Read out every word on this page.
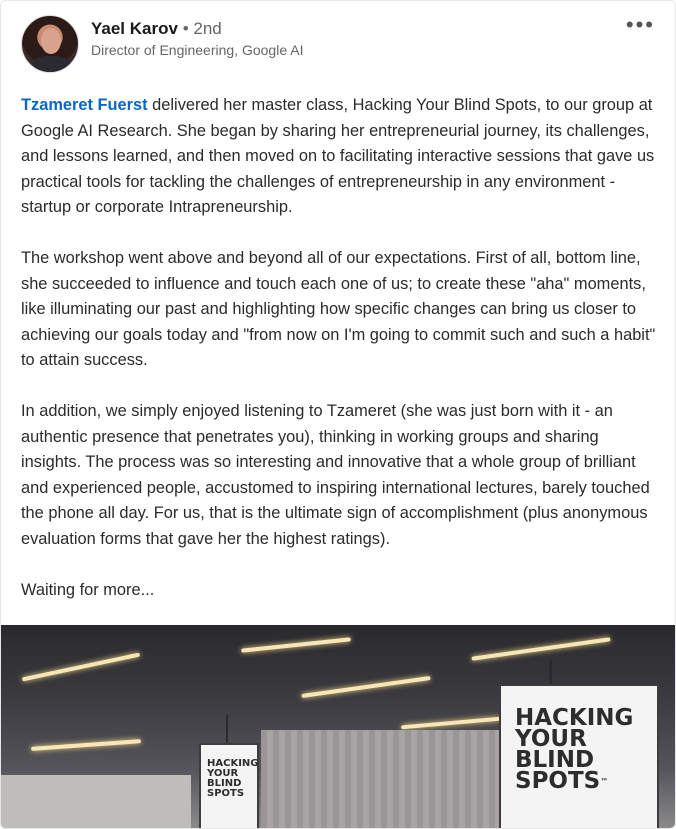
Yael Karov • 2nd
Director of Engineering, Google AI
•••

Tzameret Fuerst delivered her master class, Hacking Your Blind Spots, to our group at Google AI Research. She began by sharing her entrepreneurial journey, its challenges, and lessons learned, and then moved on to facilitating interactive sessions that gave us practical tools for tackling the challenges of entrepreneurship in any environment - startup or corporate Intrapreneurship.

The workshop went above and beyond all of our expectations. First of all, bottom line, she succeeded to influence and touch each one of us; to create these "aha" moments, like illuminating our past and highlighting how specific changes can bring us closer to achieving our goals today and "from now on I'm going to commit such and such a habit" to attain success.

In addition, we simply enjoyed listening to Tzameret (she was just born with it - an authentic presence that penetrates you), thinking in working groups and sharing insights. The process was so interesting and innovative that a whole group of brilliant and experienced people, accustomed to inspiring international lectures, barely touched the phone all day. For us, that is the ultimate sign of accomplishment (plus anonymous evaluation forms that gave her the highest ratings).

Waiting for more...

HACKING
YOUR
BLIND
SPOTS™
HACKING
YOUR
BLIND
SPOTS
